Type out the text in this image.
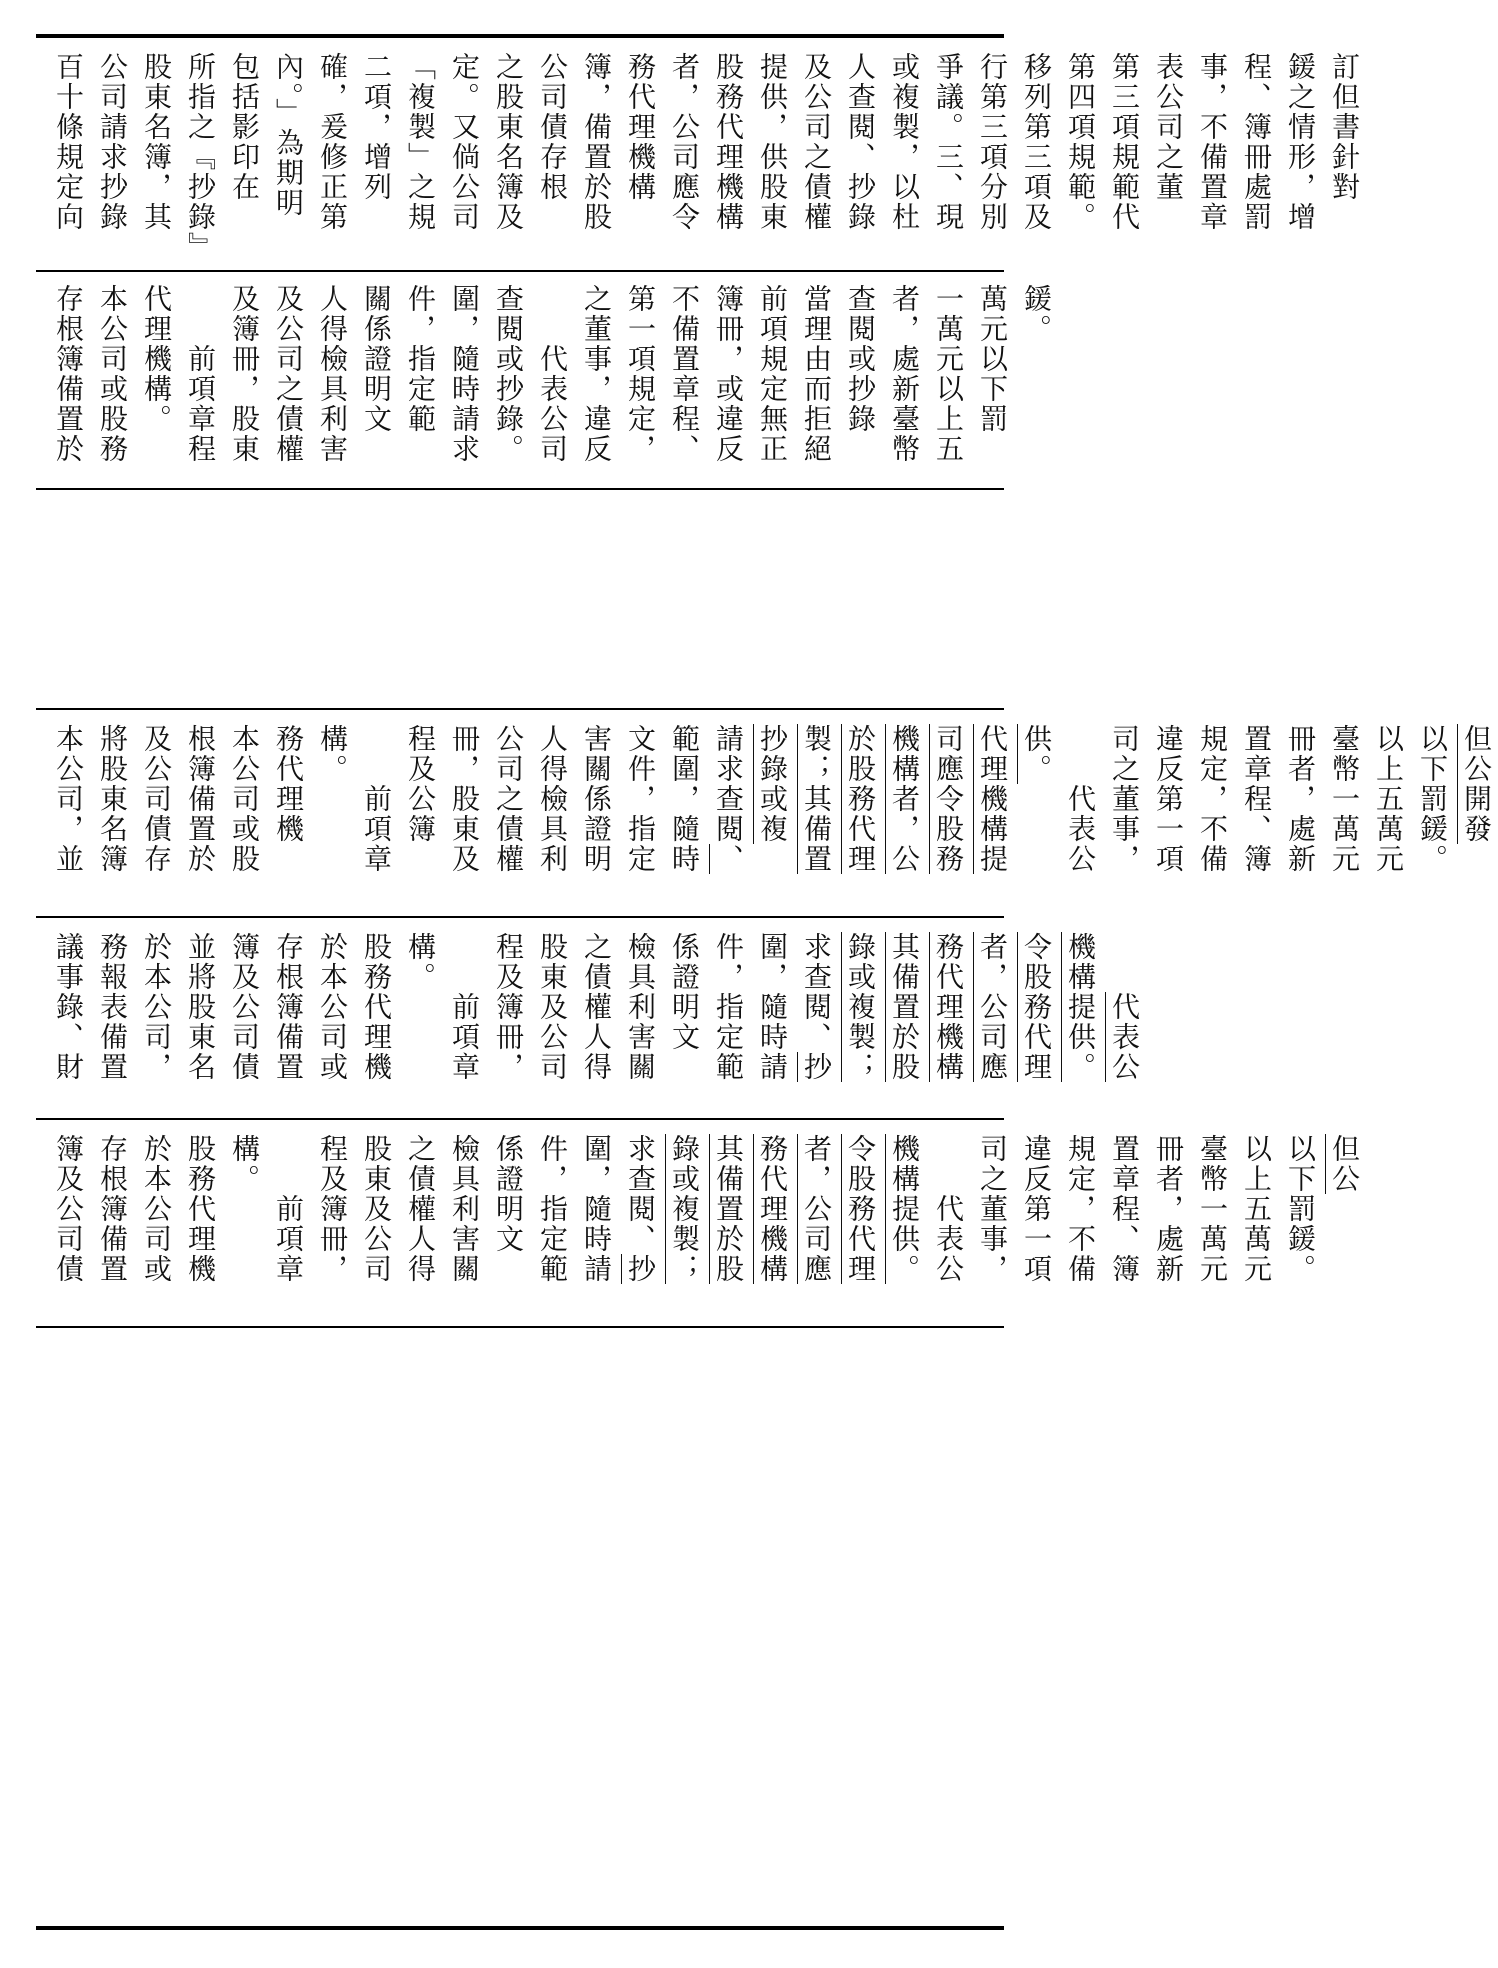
存根簿備置於本公司或股務代理機構。
　　 前項章程及簿冊，股東及公司之債權人得檢具利害關係證明文件，指定範圍，隨時請求查閱或抄錄。
　　 代表公司之董事，違反第一項規定，不備置章程、簿冊，或違反前項規定無正當理由而拒絕查閱或抄錄者，處新臺幣一萬元以上五萬元以下罰鍰。
百十條規定向公司請求抄錄股東名簿，其所指之『抄錄』包括影印在內。」為期明確，爰修正第二項，增列「複製」之規定。又倘公司之股東名簿及公司債存根簿，備置於股務代理機構者，公司應令股務代理機構提供，供股東及公司之債權人查閱、抄錄或複製，以杜爭議。三、現行第三項分別移列第三項及第四項規範。第三項規範代表公司之董事，不備置章程、簿冊處罰鍰之情形，增訂但書針對
本公司，並將股東名簿及公司債存根簿備置於本公司或股務代理機構。
　　前項章程及公簿冊，股東及公司之債權人得檢具利害關係證明文件，指定範圍，隨時請求查閱、抄錄或複製；其備置於股務代理機構者，公司應令股務代理機構提供。
　　代表公司之董事，違反第一項規定，不備置章程、簿冊者，處新臺幣一萬元以上五萬元以下罰鍰。 但公開發
議事錄、財務報表備置於本公司，並將股東名簿及公司債存根簿備置於本公司或股務代理機構。
　　前項章程及簿冊，股東及公司之債權人得檢具利害關係證明文件，指定範圍，隨時請求查閱、抄錄或複製；其備置於股務代理機構者，公司應令股務代理機構提供。
　　 代表公
簿及公司債存根簿備置於本公司或股務代理機構。
　　前項章程及簿冊，股東及公司之債權人得檢具利害關係證明文件，指定範圍，隨時請求查閱、抄錄或複製；其備置於股務代理機構者，公司應令股務代理機構提供。
　　 代表公司之董事，違反第一項規定，不備置章程、簿冊者，處新臺幣一萬元以上五萬元以下罰鍰。 但公
